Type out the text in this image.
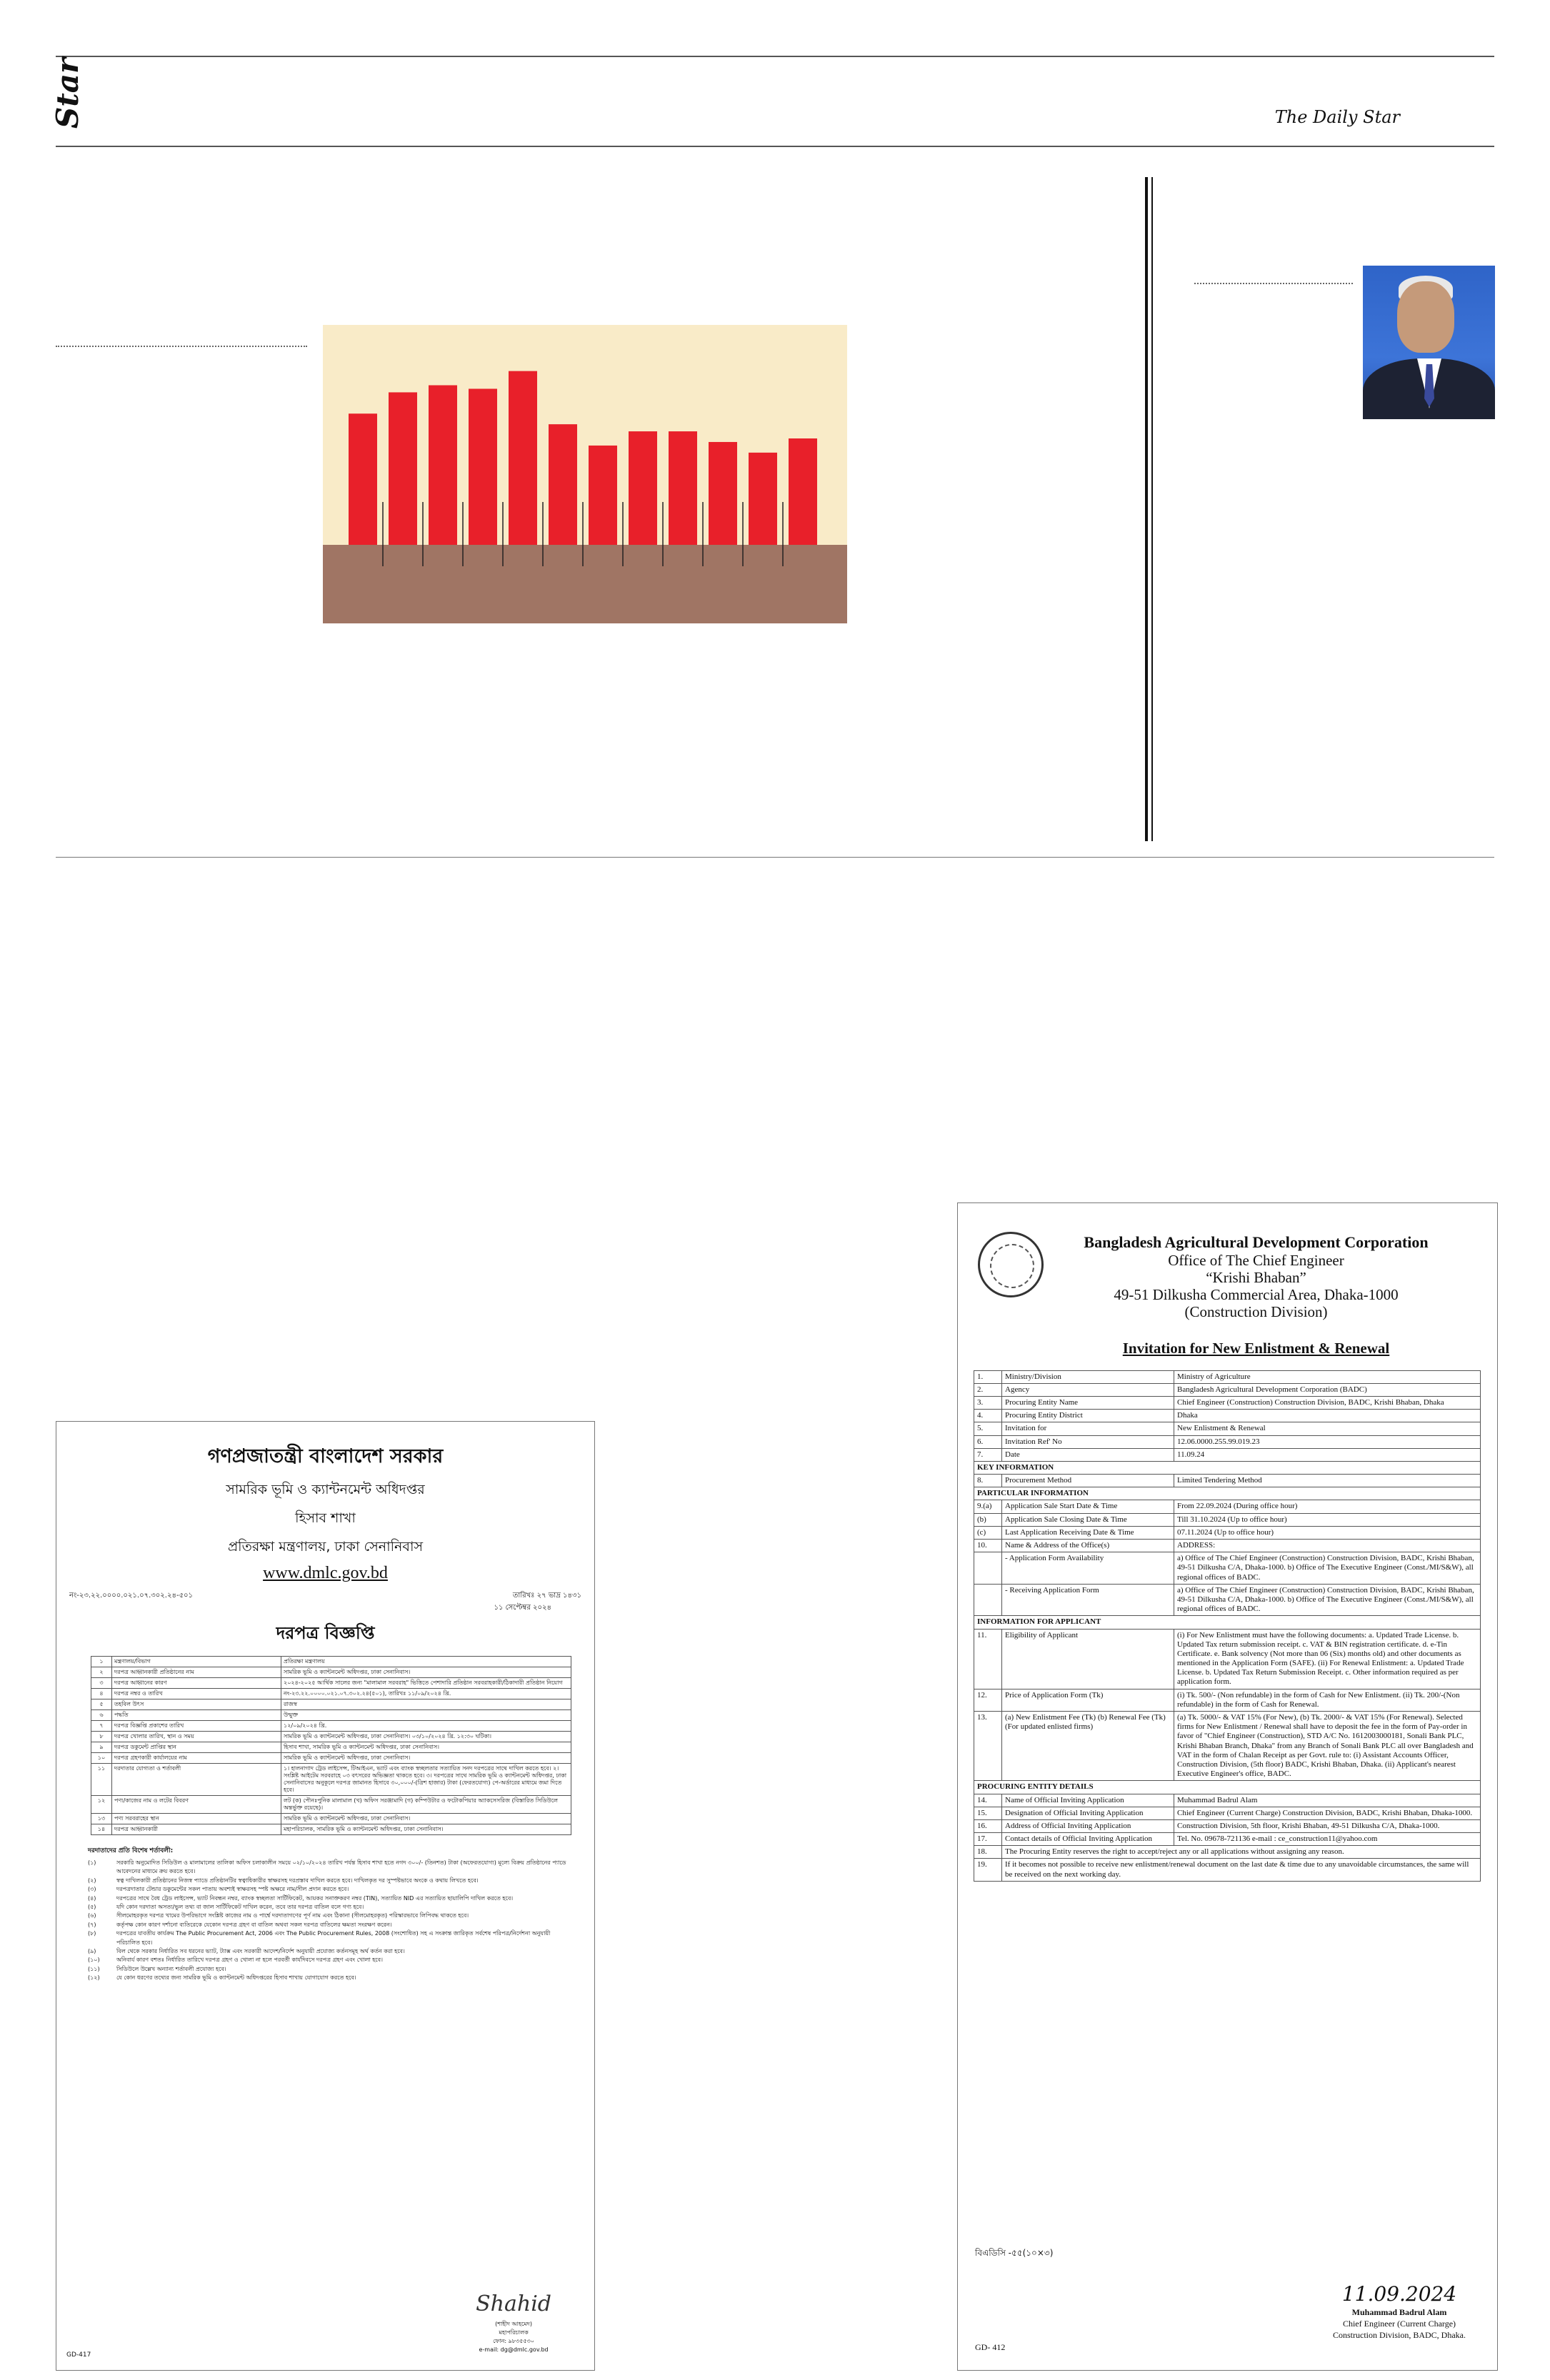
Star	The Daily Star
গণপ্রজাতন্ত্রী বাংলাদেশ সরকার
সামরিক ভূমি ও ক্যান্টনমেন্ট অধিদপ্তর
হিসাব শাখা
প্রতিরক্ষা মন্ত্রণালয়, ঢাকা সেনানিবাস
www.dmlc.gov.bd
নং-২৩.২২.০০০০.০২১.০৭.৩০২.২৪-৫০১	তারিখঃ ২৭ ভাদ্র ১৪৩১
১১ সেপ্টেম্বর ২০২৪
দরপত্র বিজ্ঞপ্তি
১	মন্ত্রণালয়/বিভাগ	প্রতিরক্ষা মন্ত্রণালয়
২	দরপত্র আহ্বানকারী প্রতিষ্ঠানের নাম	সামরিক ভূমি ও ক্যান্টনমেন্ট অধিদপ্তর, ঢাকা সেনানিবাস।
৩	দরপত্র আহ্বানের কারণ	২০২৪-২০২৫ আর্থিক সালের জন্য "মালামাল সরবরাহ" ভিত্তিতে পেশাদারি প্রতিষ্ঠান সরবরাহকারী/ঠিকাদারী প্রতিষ্ঠান নিয়োগ
৪	দরপত্র নম্বর ও তারিখ	নং-২৩.২২.০০০০.০২১.০৭.৩০২.২৪(৫০১), তারিখঃ ১১/০৯/২০২৪ খ্রি.
৫	তহবিল উৎস	রাজস্ব
৬	পদ্ধতি	উন্মুক্ত
৭	দরপত্র বিজ্ঞপ্তি প্রকাশের তারিখ	১২/০৯/২০২৪ খ্রি.
৮	দরপত্র খোলার তারিখ, স্থান ও সময়	সামরিক ভূমি ও ক্যান্টনমেন্ট অধিদপ্তর, ঢাকা সেনানিবাস। ০৩/১০/২০২৪ খ্রি. ১২:৩০ ঘটিকা।
৯	দরপত্র ডকুমেন্ট প্রাপ্তির স্থান	হিসাব শাখা, সামরিক ভূমি ও ক্যান্টনমেন্ট অধিদপ্তর, ঢাকা সেনানিবাস।
১০	দরপত্র গ্রহণকারী কার্যালয়ের নাম	সামরিক ভূমি ও ক্যান্টনমেন্ট অধিদপ্তর, ঢাকা সেনানিবাস।
১১	দরদাতার যোগ্যতা ও শর্তাবলী	১। হালনাগাদ ট্রেড লাইসেন্স, টিআইএন, ভ্যাট এবং ব্যাংক স্বচ্ছলতার সত্যায়িত সনদ দরপত্রের সাথে দাখিল করতে হবে। ২। সংশ্লিষ্ট আইটেম সরবরাহে ০৩ বৎসরের অভিজ্ঞতা থাকতে হবে। ৩। দরপত্রের সাথে সামরিক ভূমি ও ক্যান্টনমেন্ট অধিদপ্তর, ঢাকা সেনানিবাসের অনুকূলে দরপত্র জামানত হিসাবে ৩০,০০০/-(ত্রিশ হাজার) টাকা (ফেরতযোগ্য) পে-অর্ডারের মাধ্যমে জমা দিতে হবে।
১২	পণ্য/কাজের নাম ও লটের বিবরণ	লট (ক) পৌনঃপুনিক মালামাল (খ) অফিস সরঞ্জামাদি (গ) কম্পিউটার ও ফটোকপিয়ার অ্যাকসেসরিজ (বিস্তারিত সিডিউলে অন্তর্ভুক্ত রয়েছে)।
১৩	পণ্য সরবরাহের স্থান	সামরিক ভূমি ও ক্যান্টনমেন্ট অধিদপ্তর, ঢাকা সেনানিবাস।
১৪	দরপত্র আহ্বানকারী	মহাপরিচালক, সামরিক ভূমি ও ক্যান্টনমেন্ট অধিদপ্তর, ঢাকা সেনানিবাস।
দরদাতাদের প্রতি বিশেষ শর্তাবলী:
(১)	সরকারি অনুমোদিত সিডিউল ও মালামালের তালিকা অফিস চলাকালীন সময়ে ০২/১০/২০২৪ তারিখ পর্যন্ত হিসাব শাখা হতে নগদ ৩০০/- (তিনশত) টাকা (অফেরতযোগ্য) মূল্যে বিক্রয় প্রতিষ্ঠানের প্যাডে আবেদনের মাধ্যমে ক্রয় করতে হবে।
(২)	স্বত্ব দাখিলকারী প্রতিষ্ঠানের নিজস্ব প্যাডে প্রতিষ্ঠানটির স্বত্বাধিকারীর স্বাক্ষরসহ দরপ্রস্তাব দাখিল করতে হবে। দাখিলকৃত দর সুস্পষ্টভাবে অংকে ও কথায় লিখতে হবে।
(৩)	দরপত্রদাতার টেন্ডার ডকুমেন্টের সকল পাতায় অবশ্যই স্বাক্ষরসহ স্পষ্ট অক্ষরে নাম/সীল প্রদান করতে হবে।
(৪)	দরপত্রের সাথে বৈধ ট্রেড লাইসেন্স, ভ্যাট নিবন্ধন নম্বর, ব্যাংক স্বচ্ছলতা সার্টিফিকেট, আয়কর সনাক্তকরণ নম্বর (TIN), সত্যায়িত NID এর সত্যায়িত ছায়ালিপি দাখিল করতে হবে।
(৫)	যদি কোন দরদাতা অসত্য/ভুল তথ্য বা জাল সার্টিফিকেট দাখিল করেন, তবে তার দরপত্র বাতিল বলে গণ্য হবে।
(৬)	সীলমোহরকৃত দরপত্র খামের উপরিভাগে সংশ্লিষ্ট কাজের নাম ও পার্শ্বে দরদাতাগণের পূর্ণ নাম এবং ঠিকানা (সীলমোহরকৃত) পরিস্কারভাবে লিপিবদ্ধ থাকতে হবে।
(৭)	কর্তৃপক্ষ কোন কারণ দর্শানো ব্যতিরেকে যেকোন দরপত্র গ্রহণ বা বাতিল অথবা সকল দরপত্র বাতিলের ক্ষমতা সংরক্ষণ করেন।
(৮)	দরপত্রের যাবতীয় কার্যক্রম The Public Procurement Act, 2006 এবং The Public Procurement Rules, 2008 (সংশোধিত) সহ এ সংক্রান্ত জারিকৃত সর্বশেষ পরিপত্র/নির্দেশনা অনুযায়ী পরিচালিত হবে।
(৯)	বিল থেকে সরকার নির্ধারিত সব ধরনের ভ্যাট, ট্যাক্স এবং সরকারী আদেশ/নির্দেশ অনুযায়ী প্রযোজ্য কর্তনসমূহ অর্থ কর্তন করা হবে।
(১০)	অনিবার্য কারণ বশতঃ নির্ধারিত তারিখে দরপত্র গ্রহণ ও খোলা না হলে পরবর্তী কার্যদিবসে দরপত্র গ্রহণ এবং খোলা হবে।
(১১)	সিডিউলে উল্লেখ অন্যান্য শর্তাবলী প্রযোজ্য হবে।
(১২)	যে কোন ধরণের তথ্যের জন্য সামরিক ভূমি ও ক্যান্টনমেন্ট অধিদপ্তরের হিসাব শাখায় যোগাযোগ করতে হবে।
Shahid
(শাহীদ আহমেদ)
মহাপরিচালক
ফোন: ৯৮৩৫৫৩০
e-mail: dg@dmlc.gov.bd
GD-417
Bangladesh Agricultural Development Corporation
Office of The Chief Engineer
“Krishi Bhaban”
49-51 Dilkusha Commercial Area, Dhaka-1000
(Construction Division)
Invitation for New Enlistment & Renewal
1.	Ministry/Division	Ministry of Agriculture
2.	Agency	Bangladesh Agricultural Development Corporation (BADC)
3.	Procuring Entity Name	Chief Engineer (Construction) Construction Division, BADC, Krishi Bhaban, Dhaka
4.	Procuring Entity District	Dhaka
5.	Invitation for	New Enlistment & Renewal
6.	Invitation Ref' No	12.06.0000.255.99.019.23
7.	Date	11.09.24
KEY INFORMATION		
8.	Procurement Method	Limited Tendering Method
PARTICULAR INFORMATION		
9.(a)	Application Sale Start Date & Time	From 22.09.2024 (During office hour)
(b)	Application Sale Closing Date & Time	Till 31.10.2024 (Up to office hour)
(c)	Last Application Receiving Date & Time	07.11.2024 (Up to office hour)
10.	Name & Address of the Office(s)	ADDRESS:
	- Application Form Availability	a) Office of The Chief Engineer (Construction) Construction Division, BADC, Krishi Bhaban, 49-51 Dilkusha C/A, Dhaka-1000. b) Office of The Executive Engineer (Const./MI/S&W), all regional offices of BADC.
	- Receiving Application Form	a) Office of The Chief Engineer (Construction) Construction Division, BADC, Krishi Bhaban, 49-51 Dilkusha C/A, Dhaka-1000. b) Office of The Executive Engineer (Const./MI/S&W), all regional offices of BADC.
INFORMATION FOR APPLICANT		
11.	Eligibility of Applicant	(i) For New Enlistment must have the following documents: a. Updated Trade License. b. Updated Tax return submission receipt. c. VAT & BIN registration certificate. d. e-Tin Certificate. e. Bank solvency (Not more than 06 (Six) months old) and other documents as mentioned in the Application Form (SAFE). (ii) For Renewal Enlistment: a. Updated Trade License. b. Updated Tax Return Submission Receipt. c. Other information required as per application form.
12.	Price of Application Form (Tk)	(i) Tk. 500/- (Non refundable) in the form of Cash for New Enlistment. (ii) Tk. 200/-(Non refundable) in the form of Cash for Renewal.
13.	(a) New Enlistment Fee (Tk) (b) Renewal Fee (Tk) (For updated enlisted firms)	(a) Tk. 5000/- & VAT 15% (For New), (b) Tk. 2000/- & VAT 15% (For Renewal). Selected firms for New Enlistment / Renewal shall have to deposit the fee in the form of Pay-order in favor of "Chief Engineer (Construction), STD A/C No. 1612003000181, Sonali Bank PLC, Krishi Bhaban Branch, Dhaka" from any Branch of Sonali Bank PLC all over Bangladesh and VAT in the form of Chalan Receipt as per Govt. rule to: (i) Assistant Accounts Officer, Construction Division, (5th floor) BADC, Krishi Bhaban, Dhaka. (ii) Applicant's nearest Executive Engineer's office, BADC.
PROCURING ENTITY DETAILS		
14.	Name of Official Inviting Application	Muhammad Badrul Alam
15.	Designation of Official Inviting Application	Chief Engineer (Current Charge) Construction Division, BADC, Krishi Bhaban, Dhaka-1000.
16.	Address of Official Inviting Application	Construction Division, 5th floor, Krishi Bhaban, 49-51 Dilkusha C/A, Dhaka-1000.
17.	Contact details of Official Inviting Application	Tel. No. 09678-721136 e-mail : ce_construction11@yahoo.com
18.	The Procuring Entity reserves the right to accept/reject any or all applications without assigning any reason.	
19.	If it becomes not possible to receive new enlistment/renewal document on the last date & time due to any unavoidable circumstances, the same will be received on the next working day.	
বিএডিসি -৫৫(১০×৩)
11.09.2024
Muhammad Badrul Alam
Chief Engineer (Current Charge)
Construction Division, BADC, Dhaka.
GD- 412
